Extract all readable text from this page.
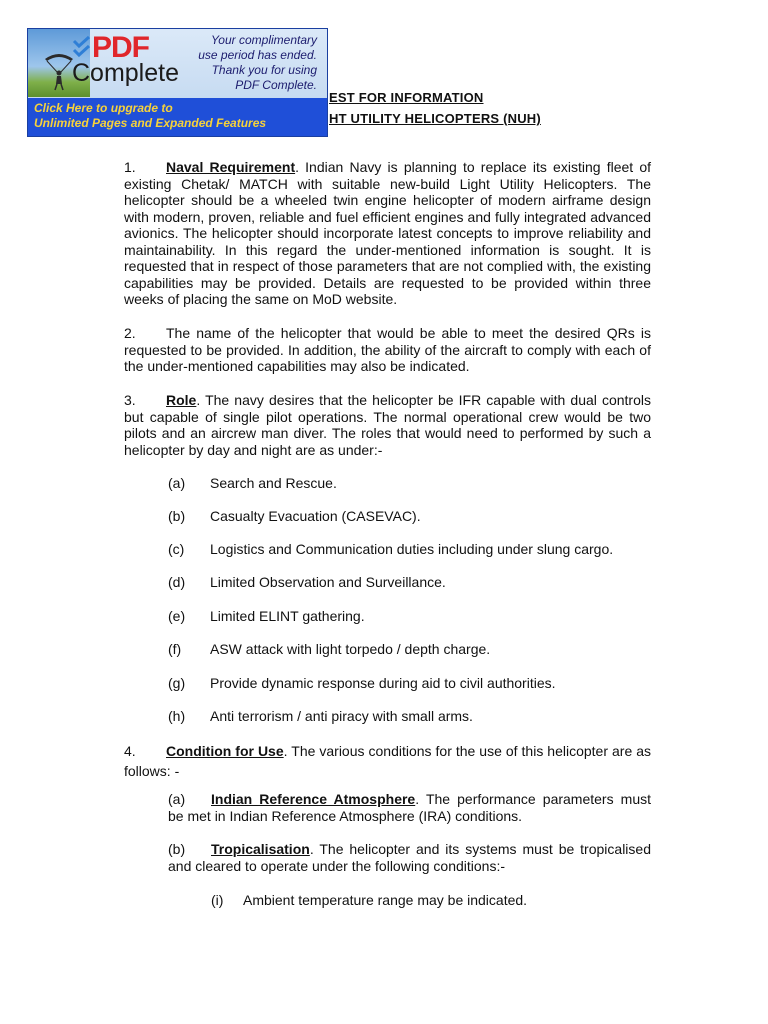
EST FOR INFORMATION
HT UTILITY HELICOPTERS (NUH)
1. Naval Requirement. Indian Navy is planning to replace its existing fleet of existing Chetak/ MATCH with suitable new-build Light Utility Helicopters. The helicopter should be a wheeled twin engine helicopter of modern airframe design with modern, proven, reliable and fuel efficient engines and fully integrated advanced avionics. The helicopter should incorporate latest concepts to improve reliability and maintainability. In this regard the under-mentioned information is sought. It is requested that in respect of those parameters that are not complied with, the existing capabilities may be provided. Details are requested to be provided within three weeks of placing the same on MoD website.
2. The name of the helicopter that would be able to meet the desired QRs is requested to be provided. In addition, the ability of the aircraft to comply with each of the under-mentioned capabilities may also be indicated.
3. Role. The navy desires that the helicopter be IFR capable with dual controls but capable of single pilot operations. The normal operational crew would be two pilots and an aircrew man diver. The roles that would need to performed by such a helicopter by day and night are as under:-
(a) Search and Rescue.
(b) Casualty Evacuation (CASEVAC).
(c) Logistics and Communication duties including under slung cargo.
(d) Limited Observation and Surveillance.
(e) Limited ELINT gathering.
(f) ASW attack with light torpedo / depth charge.
(g) Provide dynamic response during aid to civil authorities.
(h) Anti terrorism / anti piracy with small arms.
4. Condition for Use. The various conditions for the use of this helicopter are as follows: -
(a) Indian Reference Atmosphere. The performance parameters must be met in Indian Reference Atmosphere (IRA) conditions.
(b) Tropicalisation. The helicopter and its systems must be tropicalised and cleared to operate under the following conditions:-
(i) Ambient temperature range may be indicated.
PDF
Complete
Your complimentary
use period has ended.
Thank you for using
PDF Complete.
Click Here to upgrade to
Unlimited Pages and Expanded Features
